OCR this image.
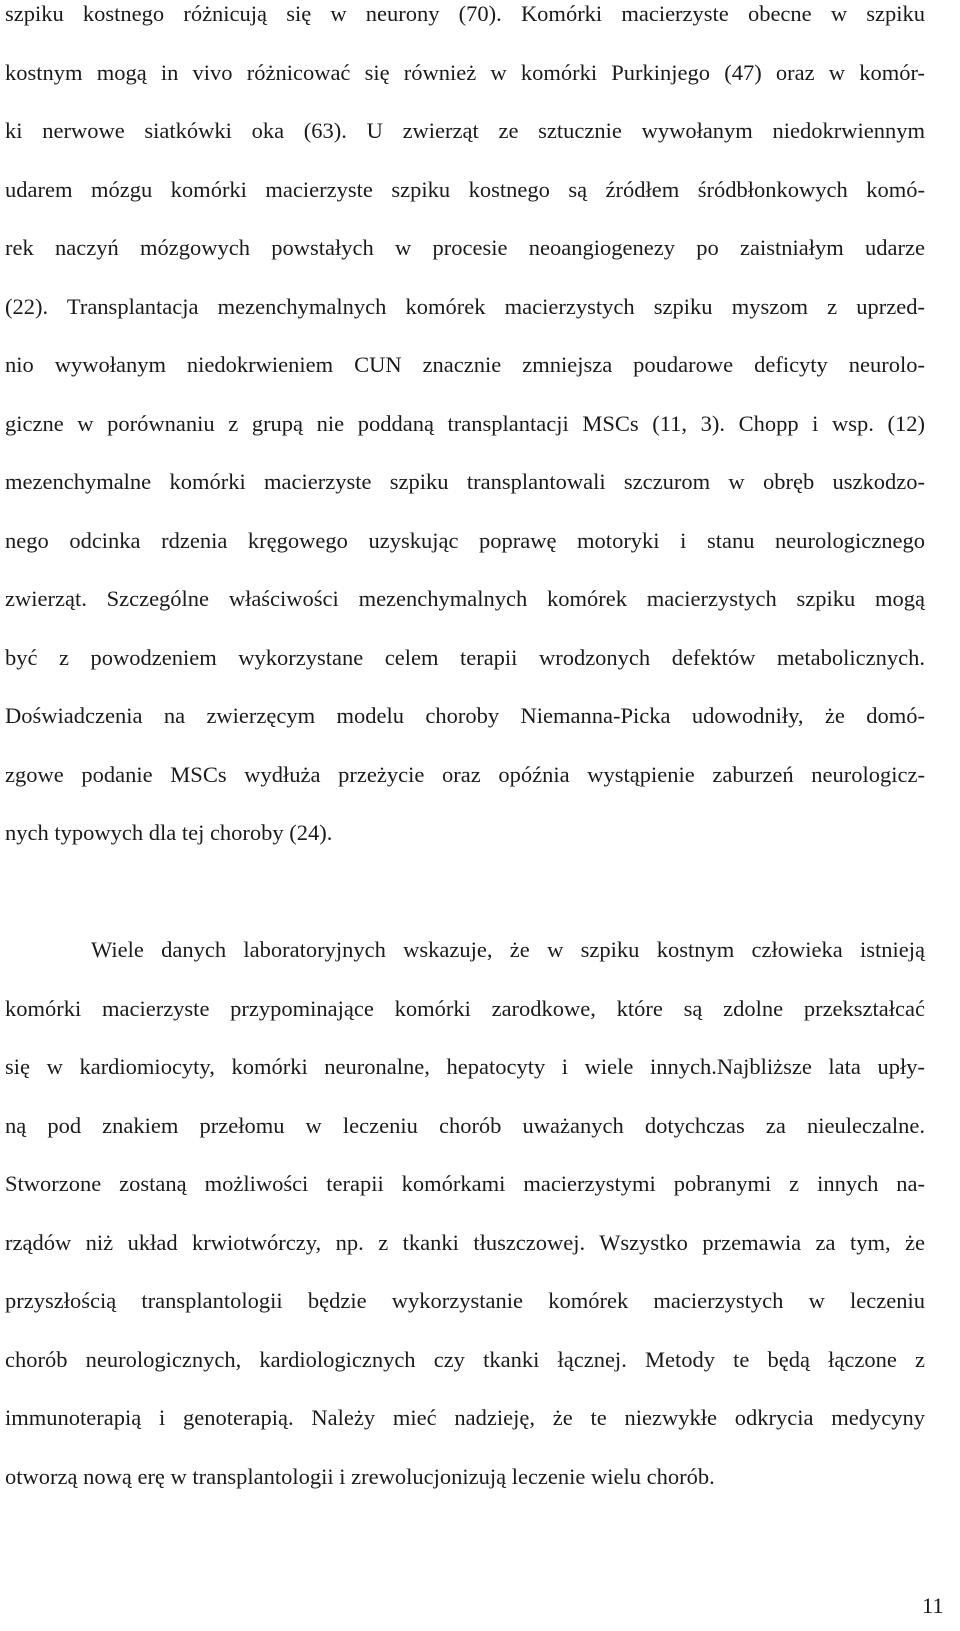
szpiku kostnego różnicują się w neurony (70). Komórki macierzyste obecne w szpiku
kostnym mogą in vivo różnicować się również w komórki Purkinjego (47) oraz w komór-
ki nerwowe siatkówki oka (63). U zwierząt ze sztucznie wywołanym niedokrwiennym
udarem mózgu komórki macierzyste szpiku kostnego są źródłem śródbłonkowych komó-
rek naczyń mózgowych powstałych w procesie neoangiogenezy po zaistniałym udarze
(22). Transplantacja mezenchymalnych komórek macierzystych szpiku myszom z uprzed-
nio wywołanym niedokrwieniem CUN znacznie zmniejsza poudarowe deficyty neurolo-
giczne w porównaniu z grupą nie poddaną transplantacji MSCs (11, 3). Chopp i wsp. (12)
mezenchymalne komórki macierzyste szpiku transplantowali szczurom w obręb uszkodzo-
nego odcinka rdzenia kręgowego uzyskując poprawę motoryki i stanu neurologicznego
zwierząt. Szczególne właściwości mezenchymalnych komórek macierzystych szpiku mogą
być z powodzeniem wykorzystane celem terapii wrodzonych defektów metabolicznych.
Doświadczenia na zwierzęcym modelu choroby Niemanna-Picka udowodniły, że domó-
zgowe podanie MSCs wydłuża przeżycie oraz opóźnia wystąpienie zaburzeń neurologicz-
nych typowych dla tej choroby (24).
Wiele danych laboratoryjnych wskazuje, że w szpiku kostnym człowieka istnieją
komórki macierzyste przypominające komórki zarodkowe, które są zdolne przekształcać
się w kardiomiocyty, komórki neuronalne, hepatocyty i wiele innych.Najbliższe lata upły-
ną pod znakiem przełomu w leczeniu chorób uważanych dotychczas za nieuleczalne.
Stworzone zostaną możliwości terapii komórkami macierzystymi pobranymi z innych na-
rządów niż układ krwiotwórczy, np. z tkanki tłuszczowej. Wszystko przemawia za tym, że
przyszłością transplantologii będzie wykorzystanie komórek macierzystych w leczeniu
chorób neurologicznych, kardiologicznych czy tkanki łącznej. Metody te będą łączone z
immunoterapią i genoterapią. Należy mieć nadzieję, że te niezwykłe odkrycia medycyny
otworzą nową erę w transplantologii i zrewolucjonizują leczenie wielu chorób.
11
